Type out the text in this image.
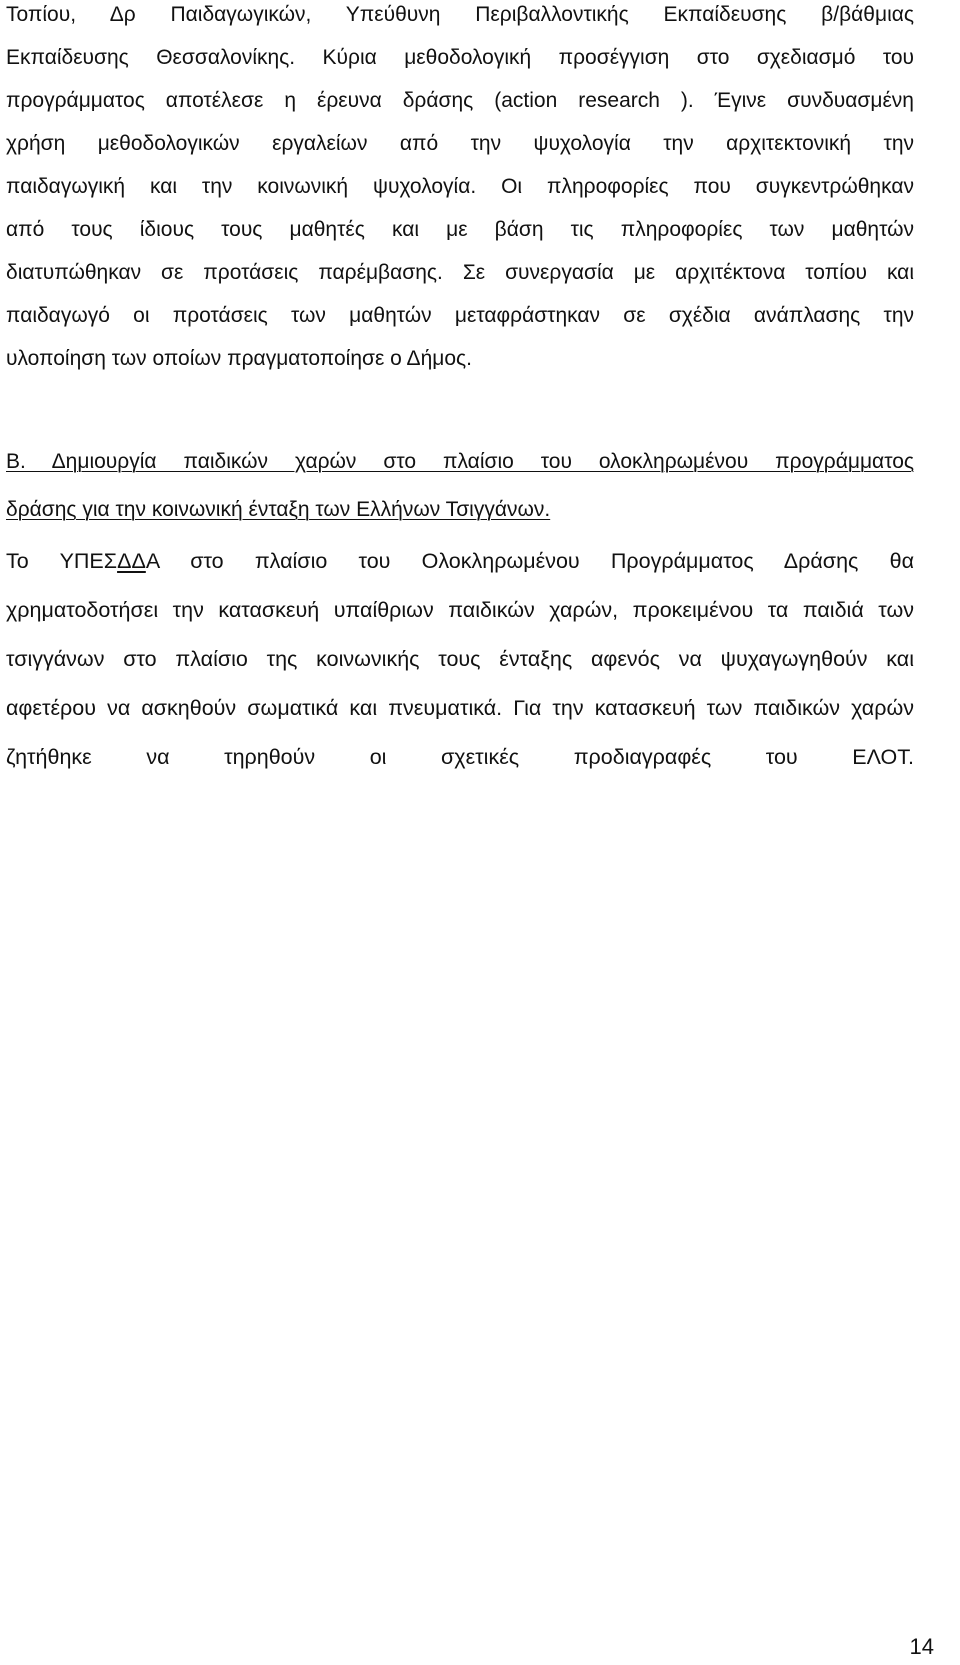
Τοπίου, Δρ Παιδαγωγικών, Υπεύθυνη Περιβαλλοντικής Εκπαίδευσης β/βάθμιας
Εκπαίδευσης Θεσσαλονίκης. Κύρια μεθοδολογική προσέγγιση στο σχεδιασμό του
προγράμματος αποτέλεσε η έρευνα δράσης (action research ). Έγινε συνδυασμένη
χρήση μεθοδολογικών εργαλείων από την ψυχολογία την αρχιτεκτονική την
παιδαγωγική και την κοινωνική ψυχολογία. Οι πληροφορίες που συγκεντρώθηκαν
από τους ίδιους τους μαθητές και με βάση τις πληροφορίες των μαθητών
διατυπώθηκαν σε προτάσεις παρέμβασης. Σε συνεργασία με αρχιτέκτονα τοπίου και
παιδαγωγό οι προτάσεις των μαθητών μεταφράστηκαν σε σχέδια ανάπλασης την
υλοποίηση των οποίων πραγματοποίησε ο Δήμος.
Β. Δημιουργία παιδικών χαρών στο πλαίσιο του ολοκληρωμένου προγράμματος
δράσης για την κοινωνική ένταξη των Ελλήνων Τσιγγάνων.
Το ΥΠΕΣΔΔΑ στο πλαίσιο του Ολοκληρωμένου Προγράμματος Δράσης θα
χρηματοδοτήσει την κατασκευή υπαίθριων παιδικών χαρών, προκειμένου τα παιδιά των
τσιγγάνων στο πλαίσιο της κοινωνικής τους ένταξης αφενός να ψυχαγωγηθούν και
αφετέρου να ασκηθούν σωματικά και πνευματικά. Για την κατασκευή των παιδικών χαρών
ζητήθηκε να τηρηθούν οι σχετικές προδιαγραφές του ΕΛΟΤ.
14
